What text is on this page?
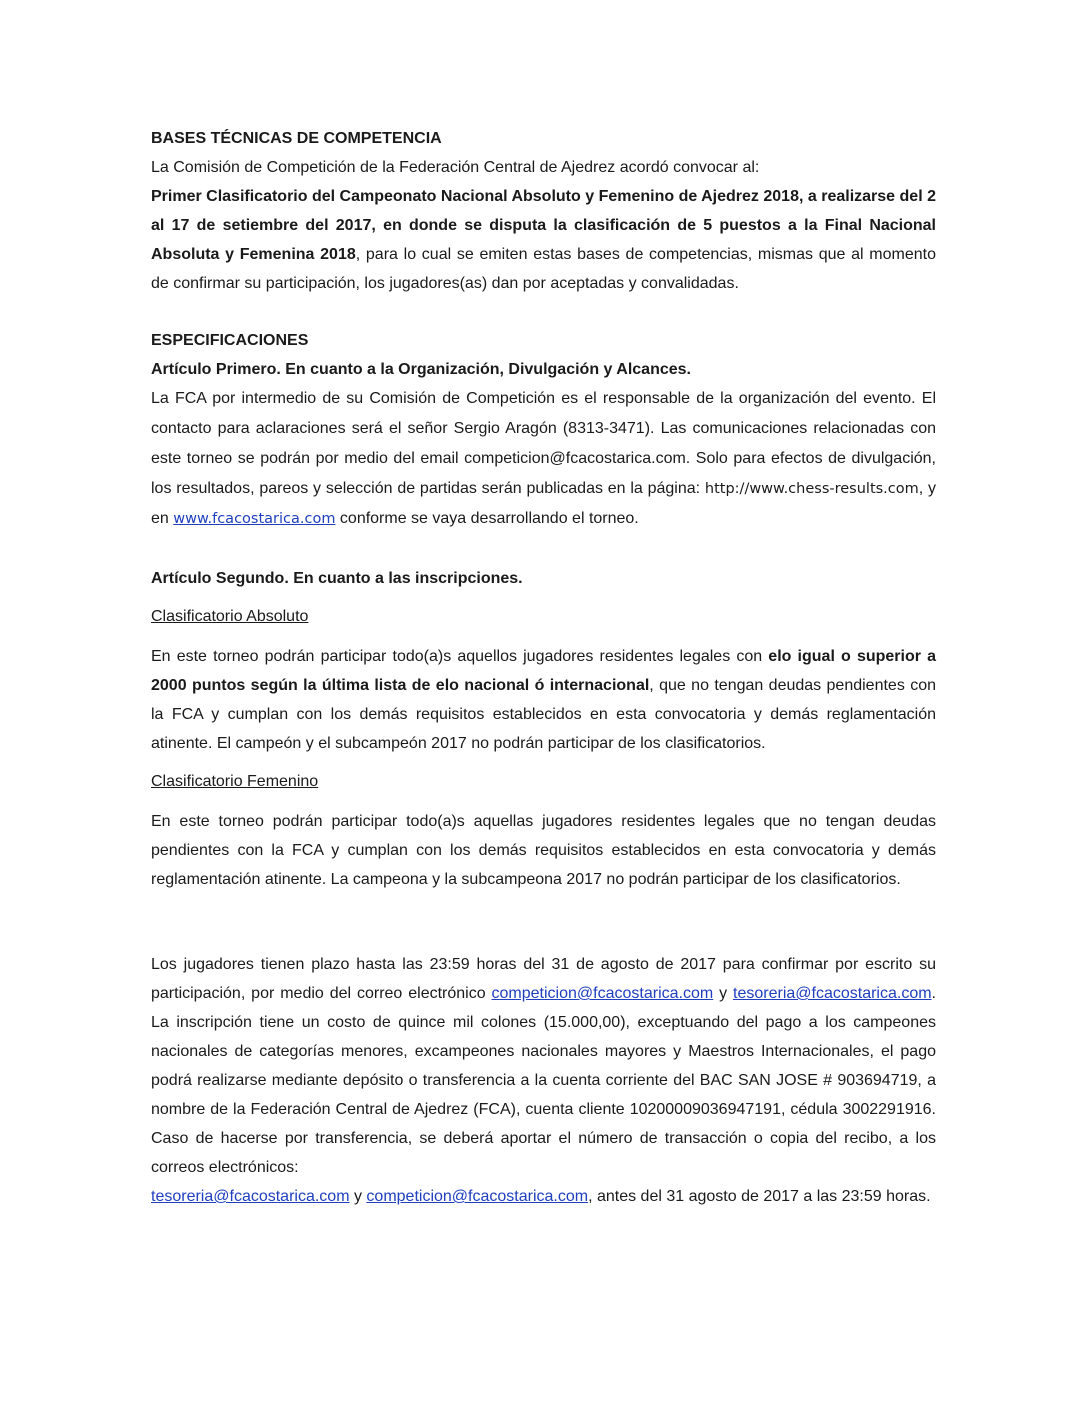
BASES TÉCNICAS DE COMPETENCIA

La Comisión de Competición de la Federación Central de Ajedrez acordó convocar al:

Primer Clasificatorio del Campeonato Nacional Absoluto y Femenino de Ajedrez 2018, a realizarse del 2 al 17 de setiembre del 2017, en donde se disputa la clasificación de 5 puestos a la Final Nacional Absoluta y Femenina 2018, para lo cual se emiten estas bases de competencias, mismas que al momento de confirmar su participación, los jugadores(as) dan por aceptadas y convalidadas.

ESPECIFICACIONES

Artículo Primero. En cuanto a la Organización, Divulgación y Alcances.

La FCA por intermedio de su Comisión de Competición es el responsable de la organización del evento. El contacto para aclaraciones será el señor Sergio Aragón (8313-3471). Las comunicaciones relacionadas con este torneo se podrán por medio del email competicion@fcacostarica.com. Solo para efectos de divulgación, los resultados, pareos y selección de partidas serán publicadas en la página: http://www.chess-results.com, y en www.fcacostarica.com conforme se vaya desarrollando el torneo.

Artículo Segundo. En cuanto a las inscripciones.

Clasificatorio Absoluto

En este torneo podrán participar todo(a)s aquellos jugadores residentes legales con elo igual o superior a 2000 puntos según la última lista de elo nacional ó internacional, que no tengan deudas pendientes con la FCA y cumplan con los demás requisitos establecidos en esta convocatoria y demás reglamentación atinente. El campeón y el subcampeón 2017 no podrán participar de los clasificatorios.

Clasificatorio Femenino

En este torneo podrán participar todo(a)s aquellas jugadores residentes legales que no tengan deudas pendientes con la FCA y cumplan con los demás requisitos establecidos en esta convocatoria y demás reglamentación atinente. La campeona y la subcampeona 2017 no podrán participar de los clasificatorios.

Los jugadores tienen plazo hasta las 23:59 horas del 31 de agosto de 2017 para confirmar por escrito su participación, por medio del correo electrónico competicion@fcacostarica.com y tesoreria@fcacostarica.com. La inscripción tiene un costo de quince mil colones (15.000,00), exceptuando del pago a los campeones nacionales de categorías menores, excampeones nacionales mayores y Maestros Internacionales, el pago podrá realizarse mediante depósito o transferencia a la cuenta corriente del BAC SAN JOSE # 903694719, a nombre de la Federación Central de Ajedrez (FCA), cuenta cliente 10200009036947191, cédula 3002291916. Caso de hacerse por transferencia, se deberá aportar el número de transacción o copia del recibo, a los correos electrónicos:
tesoreria@fcacostarica.com y competicion@fcacostarica.com, antes del 31 agosto de 2017 a las 23:59 horas.
